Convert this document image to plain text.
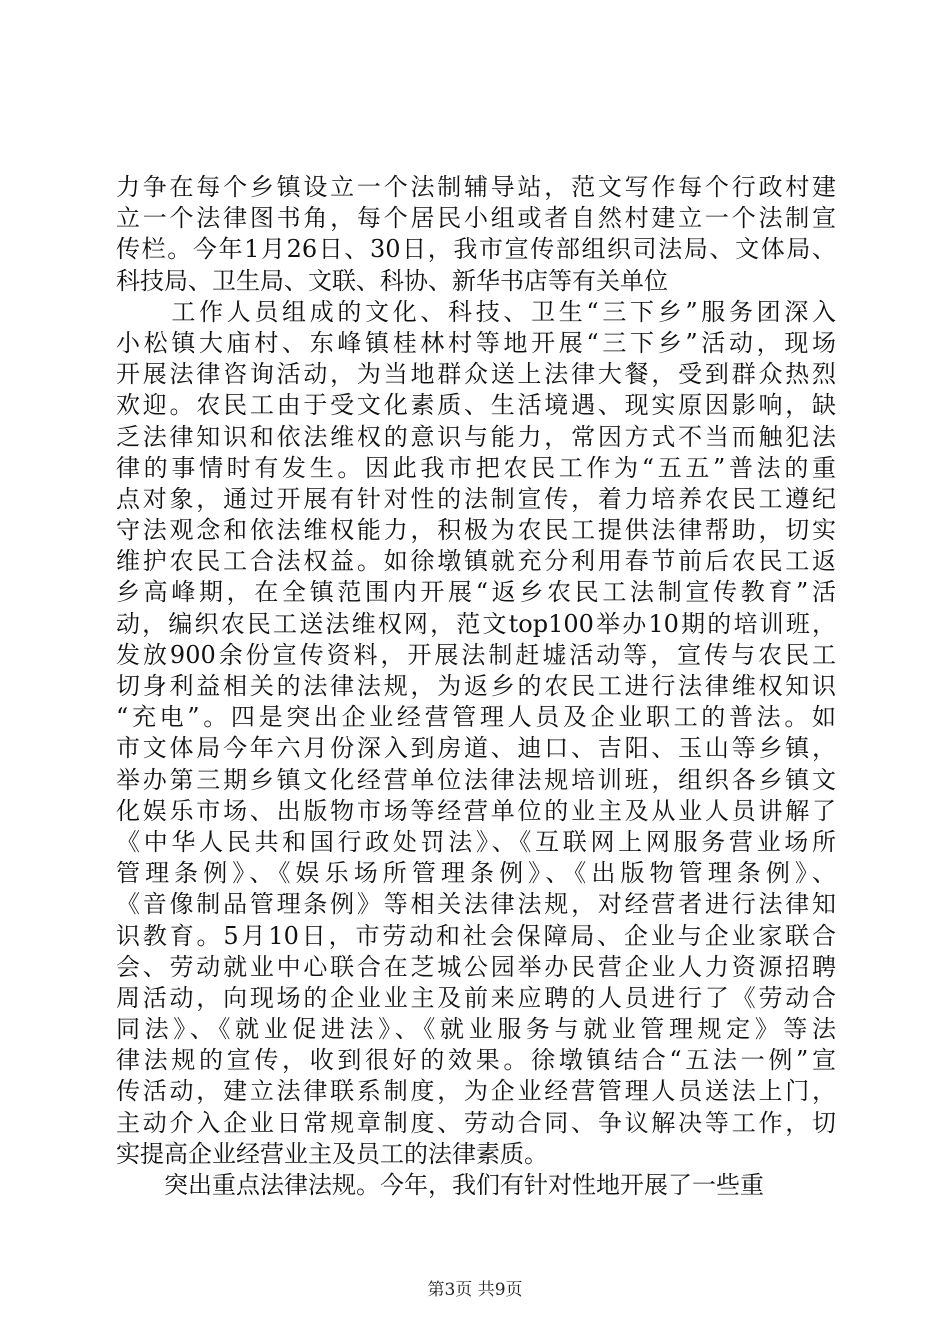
力争在每个乡镇设立一个法制辅导站，范文写作每个行政村建
立一个法律图书角，每个居民小组或者自然村建立一个法制宣
传栏。今年1月26日、30日，我市宣传部组织司法局、文体局、
科技局、卫生局、文联、科协、新华书店等有关单位
　　工作人员组成的文化、科技、卫生“三下乡”服务团深入
小松镇大庙村、东峰镇桂林村等地开展“三下乡”活动，现场
开展法律咨询活动，为当地群众送上法律大餐，受到群众热烈
欢迎。农民工由于受文化素质、生活境遇、现实原因影响，缺
乏法律知识和依法维权的意识与能力，常因方式不当而触犯法
律的事情时有发生。因此我市把农民工作为“五五”普法的重
点对象，通过开展有针对性的法制宣传，着力培养农民工遵纪
守法观念和依法维权能力，积极为农民工提供法律帮助，切实
维护农民工合法权益。如徐墩镇就充分利用春节前后农民工返
乡高峰期，在全镇范围内开展“返乡农民工法制宣传教育”活
动，编织农民工送法维权网，范文top100举办10期的培训班，
发放900余份宣传资料，开展法制赶墟活动等，宣传与农民工
切身利益相关的法律法规，为返乡的农民工进行法律维权知识
“充电”。四是突出企业经营管理人员及企业职工的普法。如
市文体局今年六月份深入到房道、迪口、吉阳、玉山等乡镇，
举办第三期乡镇文化经营单位法律法规培训班，组织各乡镇文
化娱乐市场、出版物市场等经营单位的业主及从业人员讲解了
《中华人民共和国行政处罚法》、《互联网上网服务营业场所
管理条例》、《娱乐场所管理条例》、《出版物管理条例》、
《音像制品管理条例》等相关法律法规，对经营者进行法律知
识教育。5月10日，市劳动和社会保障局、企业与企业家联合
会、劳动就业中心联合在芝城公园举办民营企业人力资源招聘
周活动，向现场的企业业主及前来应聘的人员进行了《劳动合
同法》、《就业促进法》、《就业服务与就业管理规定》等法
律法规的宣传，收到很好的效果。徐墩镇结合“五法一例”宣
传活动，建立法律联系制度，为企业经营管理人员送法上门，
主动介入企业日常规章制度、劳动合同、争议解决等工作，切
实提高企业经营业主及员工的法律素质。
　　突出重点法律法规。今年，我们有针对性地开展了一些重
第3页 共9页
